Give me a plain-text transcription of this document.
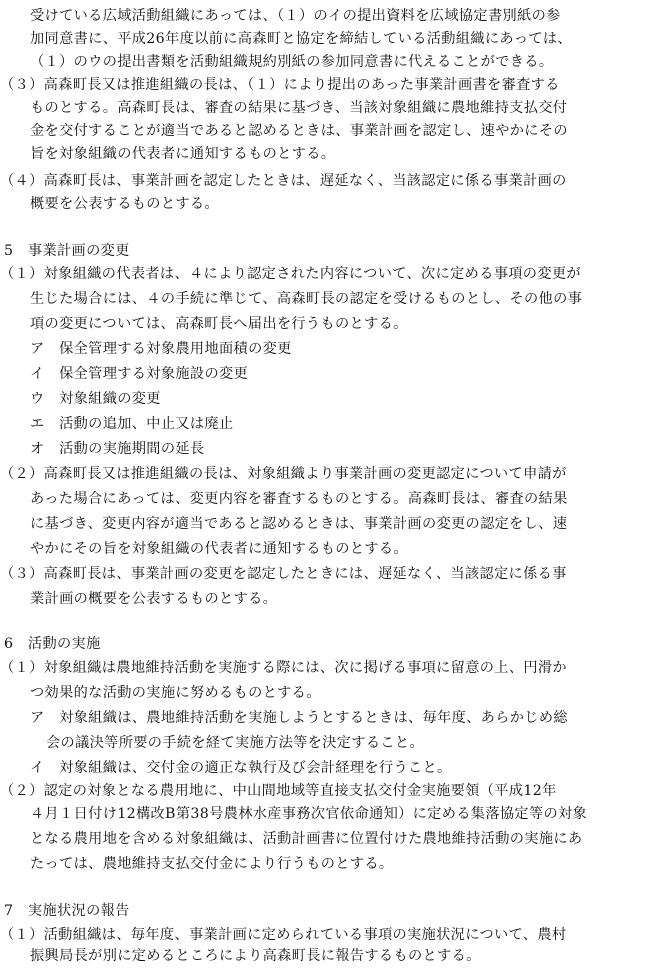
受けている広域活動組織にあっては、（１）のイの提出資料を広域協定書別紙の参
加同意書に、平成26年度以前に高森町と協定を締結している活動組織にあっては、
（１）のウの提出書類を活動組織規約別紙の参加同意書に代えることができる。
（３）高森町長又は推進組織の長は、（１）により提出のあった事業計画書を審査する
ものとする。高森町長は、審査の結果に基づき、当該対象組織に農地維持支払交付
金を交付することが適当であると認めるときは、事業計画を認定し、速やかにその
旨を対象組織の代表者に通知するものとする。
（４）高森町長は、事業計画を認定したときは、遅延なく、当該認定に係る事業計画の
概要を公表するものとする。
5　事業計画の変更
（１）対象組織の代表者は、４により認定された内容について、次に定める事項の変更が
生じた場合には、４の手続に準じて、高森町長の認定を受けるものとし、その他の事
項の変更については、高森町長へ届出を行うものとする。
ア　保全管理する対象農用地面積の変更
イ　保全管理する対象施設の変更
ウ　対象組織の変更
エ　活動の追加、中止又は廃止
オ　活動の実施期間の延長
（２）高森町長又は推進組織の長は、対象組織より事業計画の変更認定について申請が
あった場合にあっては、変更内容を審査するものとする。高森町長は、審査の結果
に基づき、変更内容が適当であると認めるときは、事業計画の変更の認定をし、速
やかにその旨を対象組織の代表者に通知するものとする。
（３）高森町長は、事業計画の変更を認定したときには、遅延なく、当該認定に係る事
業計画の概要を公表するものとする。
6　活動の実施
（１）対象組織は農地維持活動を実施する際には、次に掲げる事項に留意の上、円滑か
つ効果的な活動の実施に努めるものとする。
ア　対象組織は、農地維持活動を実施しようとするときは、毎年度、あらかじめ総
会の議決等所要の手続を経て実施方法等を決定すること。
イ　対象組織は、交付金の適正な執行及び会計経理を行うこと。
（２）認定の対象となる農用地に、中山間地域等直接支払交付金実施要領（平成12年
４月１日付け12構改B第38号農林水産事務次官依命通知）に定める集落協定等の対象
となる農用地を含める対象組織は、活動計画書に位置付けた農地維持活動の実施にあ
たっては、農地維持支払交付金により行うものとする。
7　実施状況の報告
（１）活動組織は、毎年度、事業計画に定められている事項の実施状況について、農村
振興局長が別に定めるところにより高森町長に報告するものとする。
